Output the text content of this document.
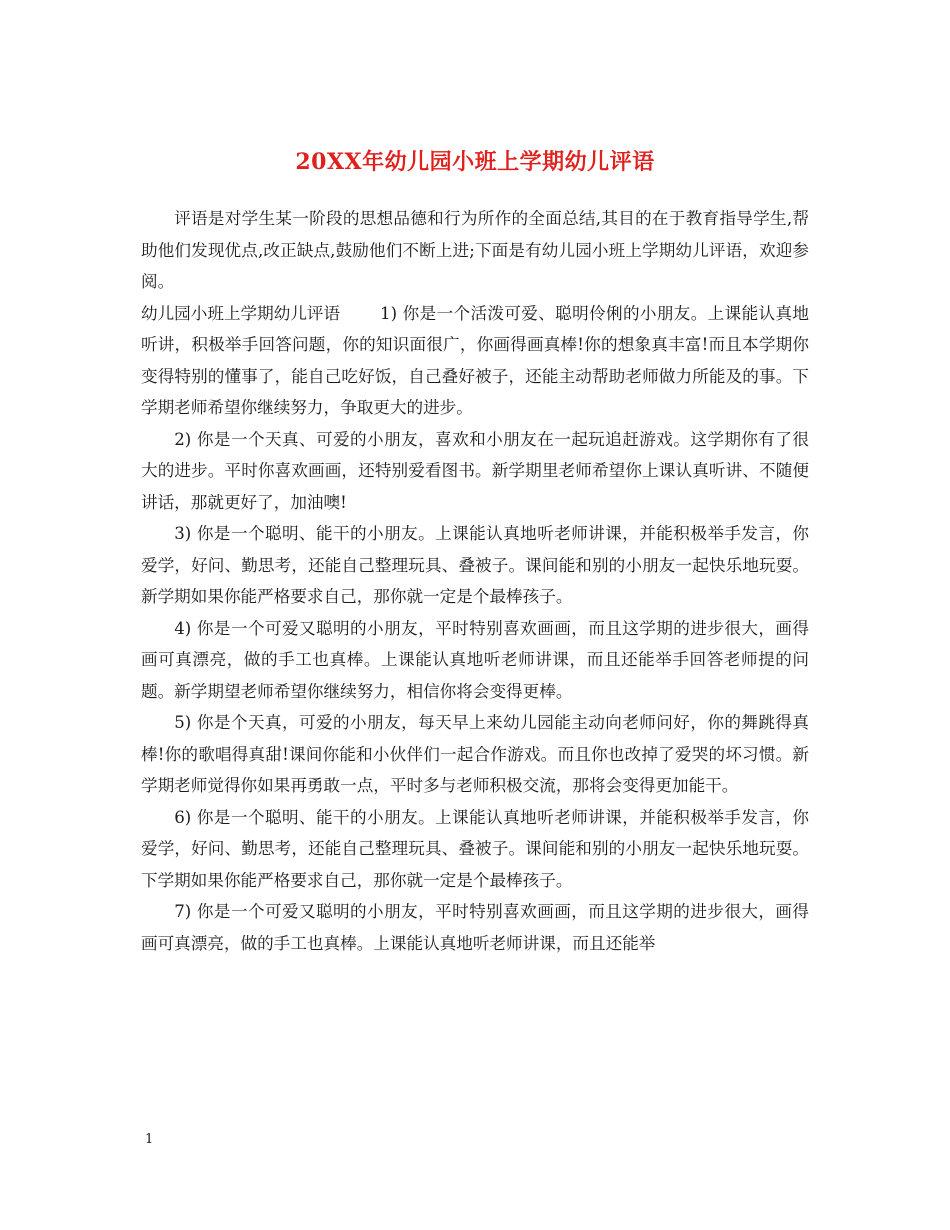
20XX年幼儿园小班上学期幼儿评语

评语是对学生某一阶段的思想品德和行为所作的全面总结,其目的在于教育指导学生,帮助他们发现优点,改正缺点,鼓励他们不断上进;下面是有幼儿园小班上学期幼儿评语，欢迎参阅。

幼儿园小班上学期幼儿评语 1) 你是一个活泼可爱、聪明伶俐的小朋友。上课能认真地听讲，积极举手回答问题，你的知识面很广，你画得画真棒!你的想象真丰富!而且本学期你变得特别的懂事了，能自己吃好饭，自己叠好被子，还能主动帮助老师做力所能及的事。下学期老师希望你继续努力，争取更大的进步。

2) 你是一个天真、可爱的小朋友，喜欢和小朋友在一起玩追赶游戏。这学期你有了很大的进步。平时你喜欢画画，还特别爱看图书。新学期里老师希望你上课认真听讲、不随便讲话，那就更好了，加油噢!

3) 你是一个聪明、能干的小朋友。上课能认真地听老师讲课，并能积极举手发言，你爱学，好问、勤思考，还能自己整理玩具、叠被子。课间能和别的小朋友一起快乐地玩耍。新学期如果你能严格要求自己，那你就一定是个最棒孩子。

4) 你是一个可爱又聪明的小朋友，平时特别喜欢画画，而且这学期的进步很大，画得画可真漂亮，做的手工也真棒。上课能认真地听老师讲课，而且还能举手回答老师提的问题。新学期望老师希望你继续努力，相信你将会变得更棒。

5) 你是个天真，可爱的小朋友，每天早上来幼儿园能主动向老师问好，你的舞跳得真棒!你的歌唱得真甜!课间你能和小伙伴们一起合作游戏。而且你也改掉了爱哭的坏习惯。新学期老师觉得你如果再勇敢一点，平时多与老师积极交流，那将会变得更加能干。

6) 你是一个聪明、能干的小朋友。上课能认真地听老师讲课，并能积极举手发言，你爱学，好问、勤思考，还能自己整理玩具、叠被子。课间能和别的小朋友一起快乐地玩耍。下学期如果你能严格要求自己，那你就一定是个最棒孩子。

7) 你是一个可爱又聪明的小朋友，平时特别喜欢画画，而且这学期的进步很大，画得画可真漂亮，做的手工也真棒。上课能认真地听老师讲课，而且还能举

1
